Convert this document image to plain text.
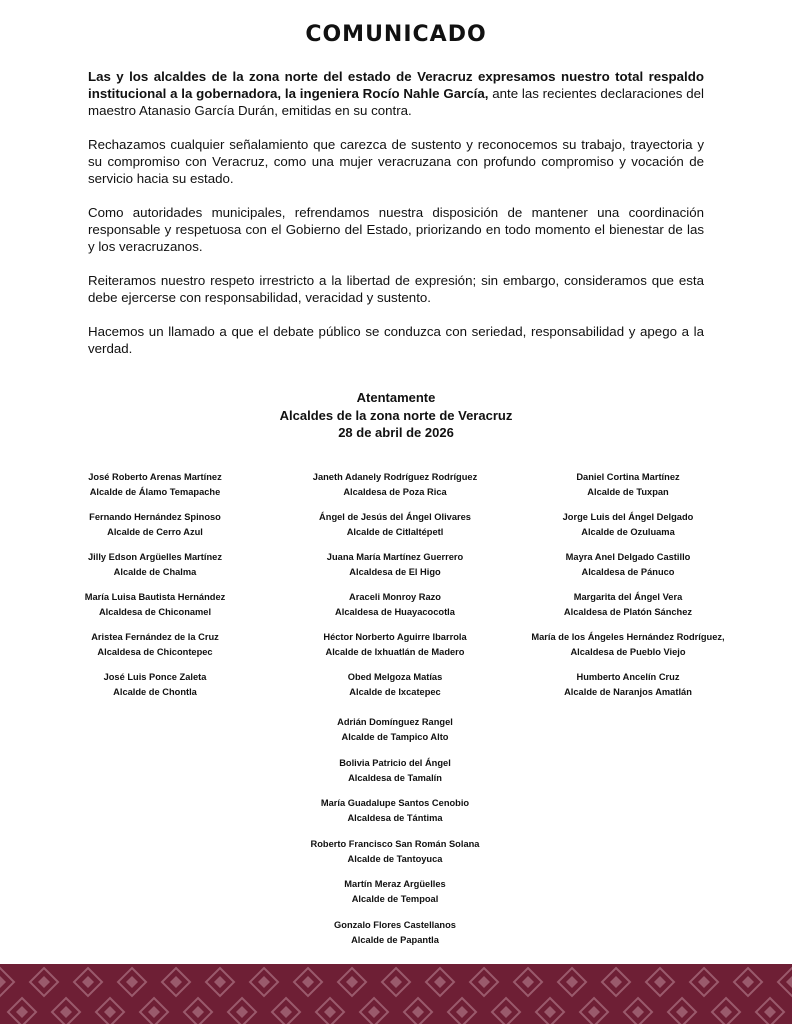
COMUNICADO

Las y los alcaldes de la zona norte del estado de Veracruz expresamos nuestro total respaldo institucional a la gobernadora, la ingeniera Rocío Nahle García, ante las recientes declaraciones del maestro Atanasio García Durán, emitidas en su contra.

Rechazamos cualquier señalamiento que carezca de sustento y reconocemos su trabajo, trayectoria y su compromiso con Veracruz, como una mujer veracruzana con profundo compromiso y vocación de servicio hacia su estado.

Como autoridades municipales, refrendamos nuestra disposición de mantener una coordinación responsable y respetuosa con el Gobierno del Estado, priorizando en todo momento el bienestar de las y los veracruzanos.

Reiteramos nuestro respeto irrestricto a la libertad de expresión; sin embargo, consideramos que esta debe ejercerse con responsabilidad, veracidad y sustento.

Hacemos un llamado a que el debate público se conduzca con seriedad, responsabilidad y apego a la verdad.

Atentamente
Alcaldes de la zona norte de Veracruz
28 de abril de 2026
José Roberto Arenas Martínez
Alcalde de Álamo Temapache
Fernando Hernández Spinoso
Alcalde de Cerro Azul
Jilly Edson Argüelles Martínez
Alcalde de Chalma
María Luisa Bautista Hernández
Alcaldesa de Chiconamel
Aristea Fernández de la Cruz
Alcaldesa de Chicontepec
José Luis Ponce Zaleta
Alcalde de Chontla
Janeth Adanely Rodríguez Rodríguez
Alcaldesa de Poza Rica
Ángel de Jesús del Ángel Olivares
Alcalde de Citlaltépetl
Juana María Martínez Guerrero
Alcaldesa de El Higo
Araceli Monroy Razo
Alcaldesa de Huayacocotla
Héctor Norberto Aguirre Ibarrola
Alcalde de Ixhuatlán de Madero
Obed Melgoza Matías
Alcalde de Ixcatepec
Daniel Cortina Martínez
Alcalde de Tuxpan
Jorge Luis del Ángel Delgado
Alcalde de Ozuluama
Mayra Anel Delgado Castillo
Alcaldesa de Pánuco
Margarita del Ángel Vera
Alcaldesa de Platón Sánchez
María de los Ángeles Hernández Rodríguez,
Alcaldesa de Pueblo Viejo
Humberto Ancelín Cruz
Alcalde de Naranjos Amatlán
Adrián Domínguez Rangel
Alcalde de Tampico Alto
Bolivia Patricio del Ángel
Alcaldesa de Tamalín
María Guadalupe Santos Cenobio
Alcaldesa de Tántima
Roberto Francisco San Román Solana
Alcalde de Tantoyuca
Martín Meraz Argüelles
Alcalde de Tempoal
Gonzalo Flores Castellanos
Alcalde de Papantla
